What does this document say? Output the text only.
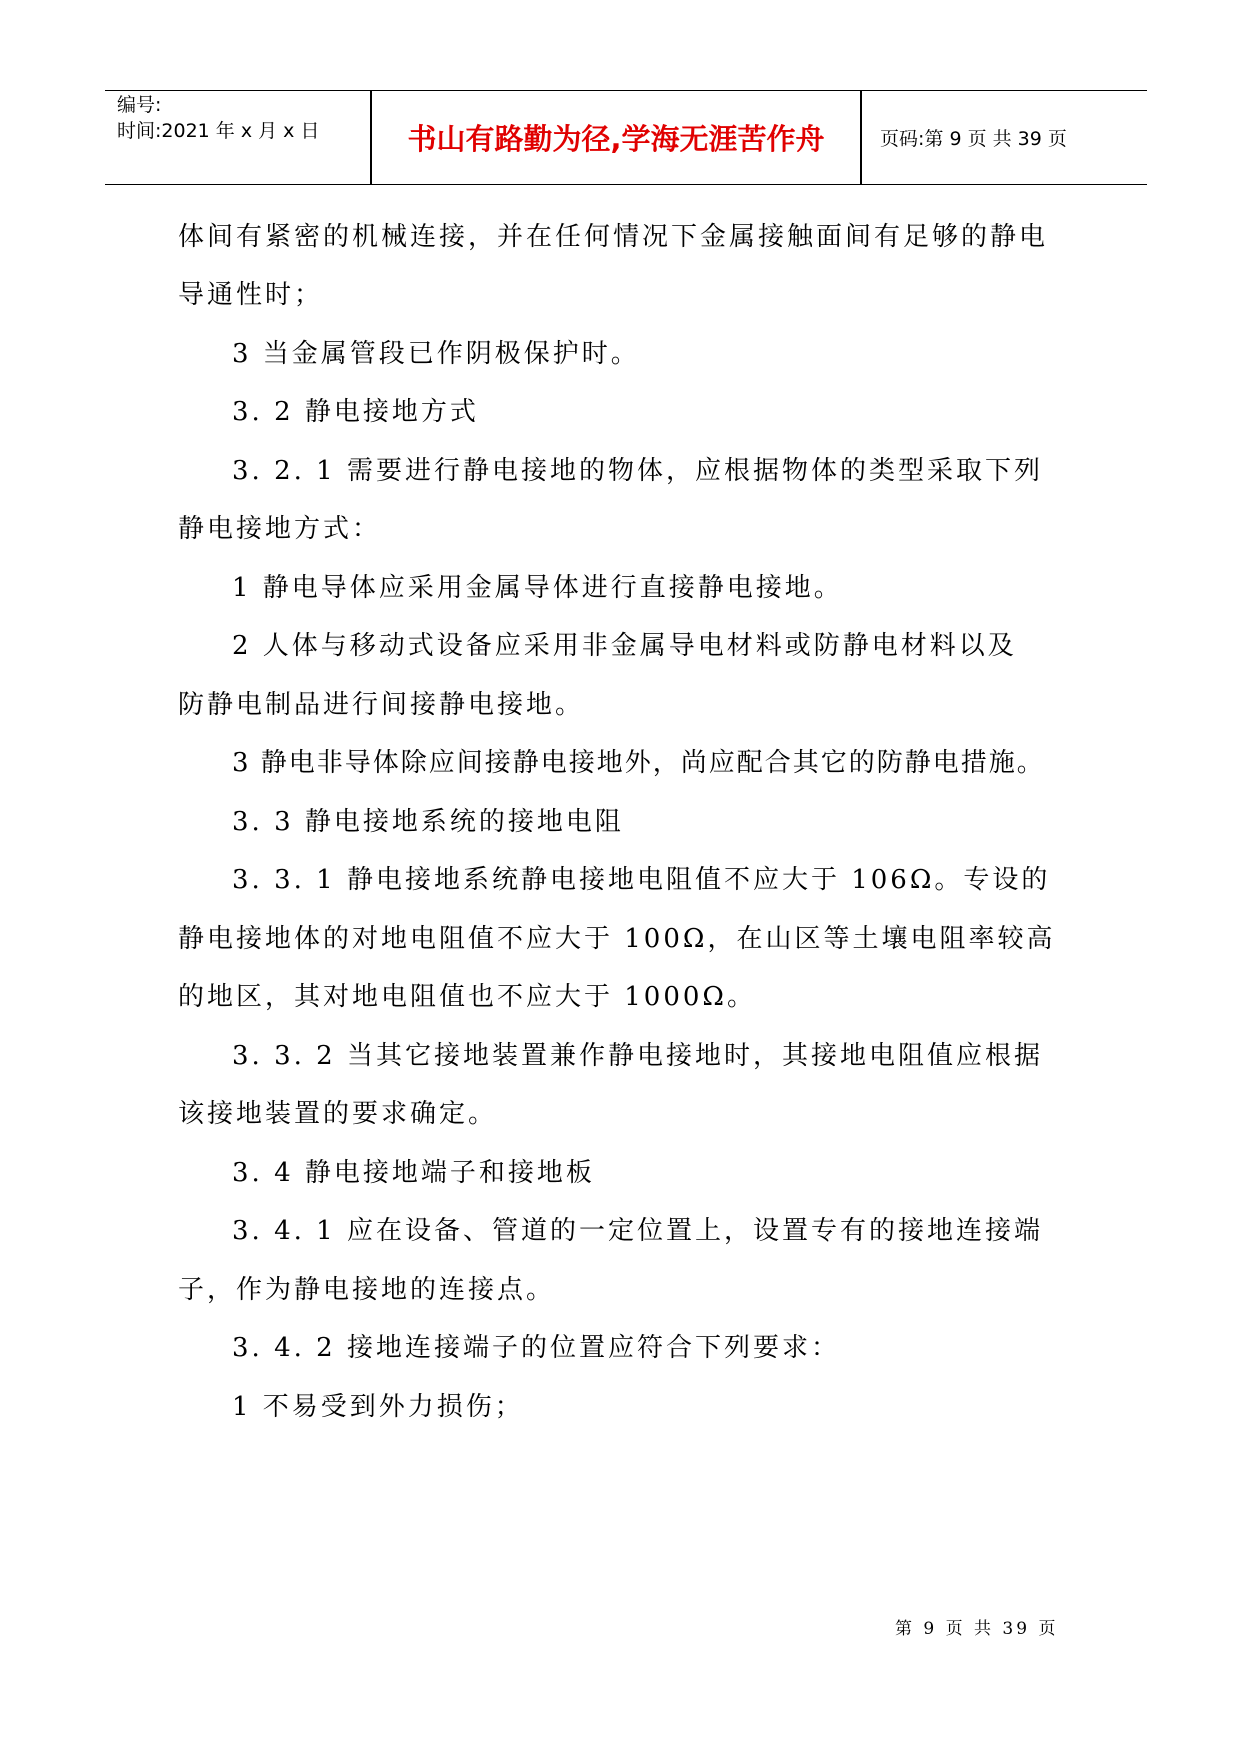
编号:
时间:2021 年 x 月 x 日	书山有路勤为径,学海无涯苦作舟	页码:第 9 页 共 39 页
体间有紧密的机械连接，并在任何情况下金属接触面间有足够的静电
导通性时；
3 当金属管段已作阴极保护时。
3. 2 静电接地方式
3. 2. 1 需要进行静电接地的物体，应根据物体的类型采取下列
静电接地方式：
1 静电导体应采用金属导体进行直接静电接地。
2 人体与移动式设备应采用非金属导电材料或防静电材料以及
防静电制品进行间接静电接地。
3 静电非导体除应间接静电接地外，尚应配合其它的防静电措施。
3. 3 静电接地系统的接地电阻
3. 3. 1 静电接地系统静电接地电阻值不应大于 106Ω。专设的
静电接地体的对地电阻值不应大于 100Ω，在山区等土壤电阻率较高
的地区，其对地电阻值也不应大于 1000Ω。
3. 3. 2 当其它接地装置兼作静电接地时，其接地电阻值应根据
该接地装置的要求确定。
3. 4 静电接地端子和接地板
3. 4. 1 应在设备、管道的一定位置上，设置专有的接地连接端
子，作为静电接地的连接点。
3. 4. 2 接地连接端子的位置应符合下列要求：
1 不易受到外力损伤；
第 9 页 共 39 页
